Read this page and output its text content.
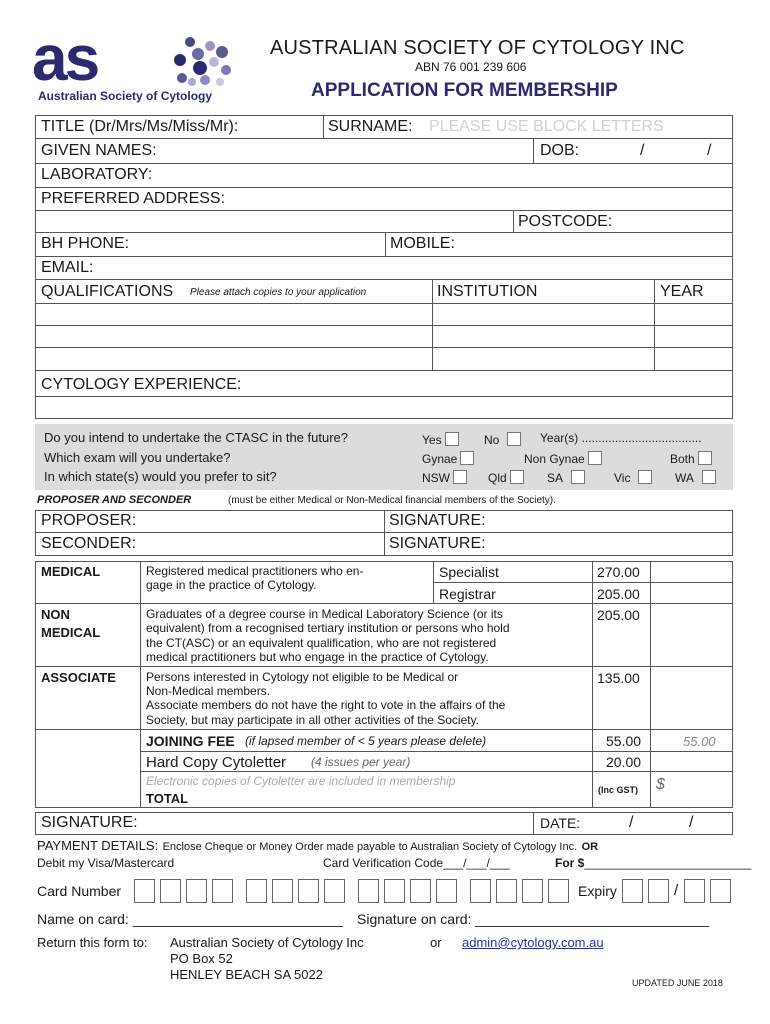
as
Australian Society of Cytology
AUSTRALIAN SOCIETY OF CYTOLOGY INC
ABN 76 001 239 606
APPLICATION FOR MEMBERSHIP
TITLE (Dr/Mrs/Ms/Miss/Mr):	SURNAME: PLEASE USE BLOCK LETTERS
GIVEN NAMES:	DOB:	/	/
LABORATORY:
PREFERRED ADDRESS:
POSTCODE:
BH PHONE:	MOBILE:
EMAIL:
QUALIFICATIONS Please attach copies to your application	INSTITUTION	YEAR
CYTOLOGY EXPERIENCE:
Do you intend to undertake the CTASC in the future?	Yes	No	Year(s) ....................................
Which exam will you undertake?	Gynae	Non Gynae	Both
In which state(s) would you prefer to sit?	NSW	Qld	SA	Vic	WA
PROPOSER AND SECONDER	(must be either Medical or Non-Medical financial members of the Society).
PROPOSER:	SIGNATURE:
SECONDER:	SIGNATURE:
MEDICAL	Registered medical practitioners who en-
gage in the practice of Cytology.
Specialist	270.00
Registrar	205.00
NON
MEDICAL
Graduates of a degree course in Medical Laboratory Science (or its
equivalent) from a recognised tertiary institution or persons who hold
the CT(ASC) or an equivalent qualification, who are not registered
medical practitioners but who engage in the practice of Cytology.
205.00
ASSOCIATE	Persons interested in Cytology not eligible to be Medical or
Non-Medical members.
Associate members do not have the right to vote in the affairs of the
Society, but may participate in all other activities of the Society.
135.00
JOINING FEE (if lapsed member of < 5 years please delete)	55.00	55.00
Hard Copy Cytoletter (4 issues per year)	20.00
Electronic copies of Cytoletter are included in membership
TOTAL
(Inc GST) $
SIGNATURE:	DATE:	/	/
PAYMENT DETAILS: Enclose Cheque or Money Order made payable to Australian Society of Cytology Inc. OR
Debit my Visa/Mastercard	Card Verification Code___/___/___	For $_________________________
Card Number	Expiry	/
Name on card: ___________________________ Signature on card: ______________________________
Return this form to: Australian Society of Cytology Inc	or admin@cytology.com.au
PO Box 52
HENLEY BEACH SA 5022
UPDATED JUNE 2018
